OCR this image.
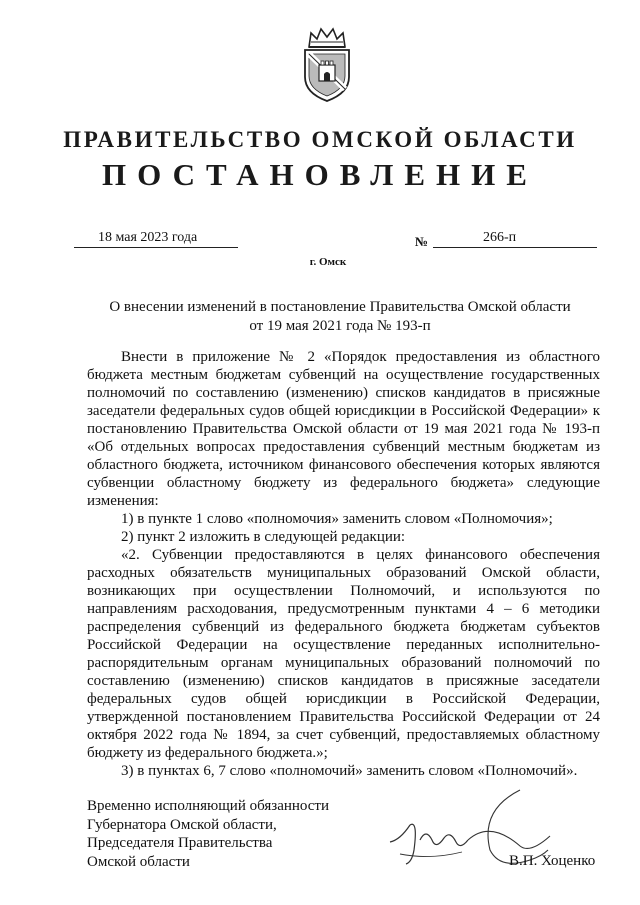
ПРАВИТЕЛЬСТВО ОМСКОЙ ОБЛАСТИ
ПОСТАНОВЛЕНИЕ
18 мая 2023 года	№	266-п
г. Омск
О внесении изменений в постановление Правительства Омской области
от 19 мая 2021 года № 193-п

Внести в приложение № 2 «Порядок предоставления из областного бюджета местным бюджетам субвенций на осуществление государственных полномочий по составлению (изменению) списков кандидатов в присяжные заседатели федеральных судов общей юрисдикции в Российской Федерации» к постановлению Правительства Омской области от 19 мая 2021 года № 193-п «Об отдельных вопросах предоставления субвенций местным бюджетам из областного бюджета, источником финансового обеспечения которых являются субвенции областному бюджету из федерального бюджета» следующие изменения:

1) в пункте 1 слово «полномочия» заменить словом «Полномочия»;

2) пункт 2 изложить в следующей редакции:

«2. Субвенции предоставляются в целях финансового обеспечения расходных обязательств муниципальных образований Омской области, возникающих при осуществлении Полномочий, и используются по направлениям расходования, предусмотренным пунктами 4 – 6 методики распределения субвенций из федерального бюджета бюджетам субъектов Российской Федерации на осуществление переданных исполнительно-распорядительным органам муниципальных образований полномочий по составлению (изменению) списков кандидатов в присяжные заседатели федеральных судов общей юрисдикции в Российской Федерации, утвержденной постановлением Правительства Российской Федерации от 24 октября 2022 года № 1894, за счет субвенций, предоставляемых областному бюджету из федерального бюджета.»;

3) в пунктах 6, 7 слово «полномочий» заменить словом «Полномочий».

Временно исполняющий обязанности
Губернатора Омской области,
Председателя Правительства
Омской области	В.П. Хоценко
